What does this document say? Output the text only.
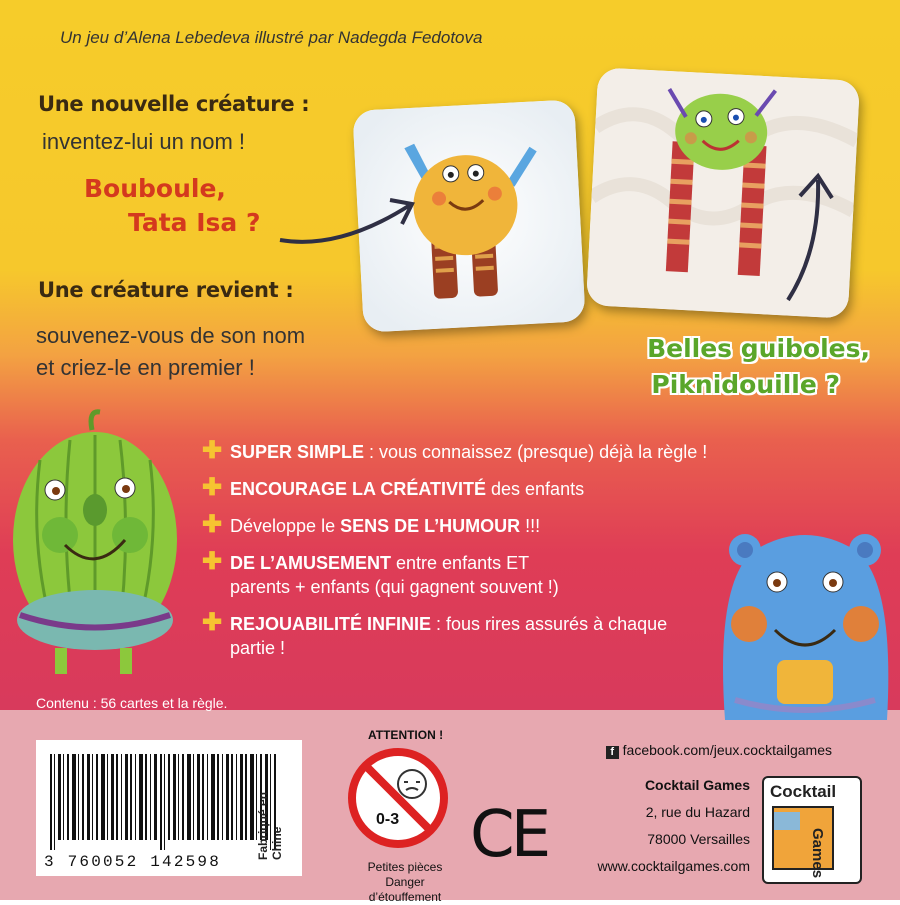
Un jeu d’Alena Lebedeva illustré par Nadegda Fedotova
Une nouvelle créature :
inventez-lui un nom !
Bouboule,
Tata Isa ?
Une créature revient :
souvenez-vous de son nom
et criez-le en premier !
Belles guiboles,
Piknidouille ?
✚ SUPER SIMPLE : vous connaissez (presque) déjà la règle !
✚ ENCOURAGE LA CRÉATIVITÉ des enfants
✚ Développe le SENS DE L’HUMOUR !!!
✚ DE L’AMUSEMENT entre enfants ET parents + enfants (qui gagnent souvent !)
✚ REJOUABILITÉ INFINIE : fous rires assurés à chaque partie !
Contenu : 56 cartes et la règle.
3 760052 142598
Fabriqué en Chine
ATTENTION !
0-3
Petites pièces
Danger d’étouffement
CE
f facebook.com/jeux.cocktailgames
Cocktail Games
2, rue du Hazard
78000 Versailles
www.cocktailgames.com
Cocktail
Games
